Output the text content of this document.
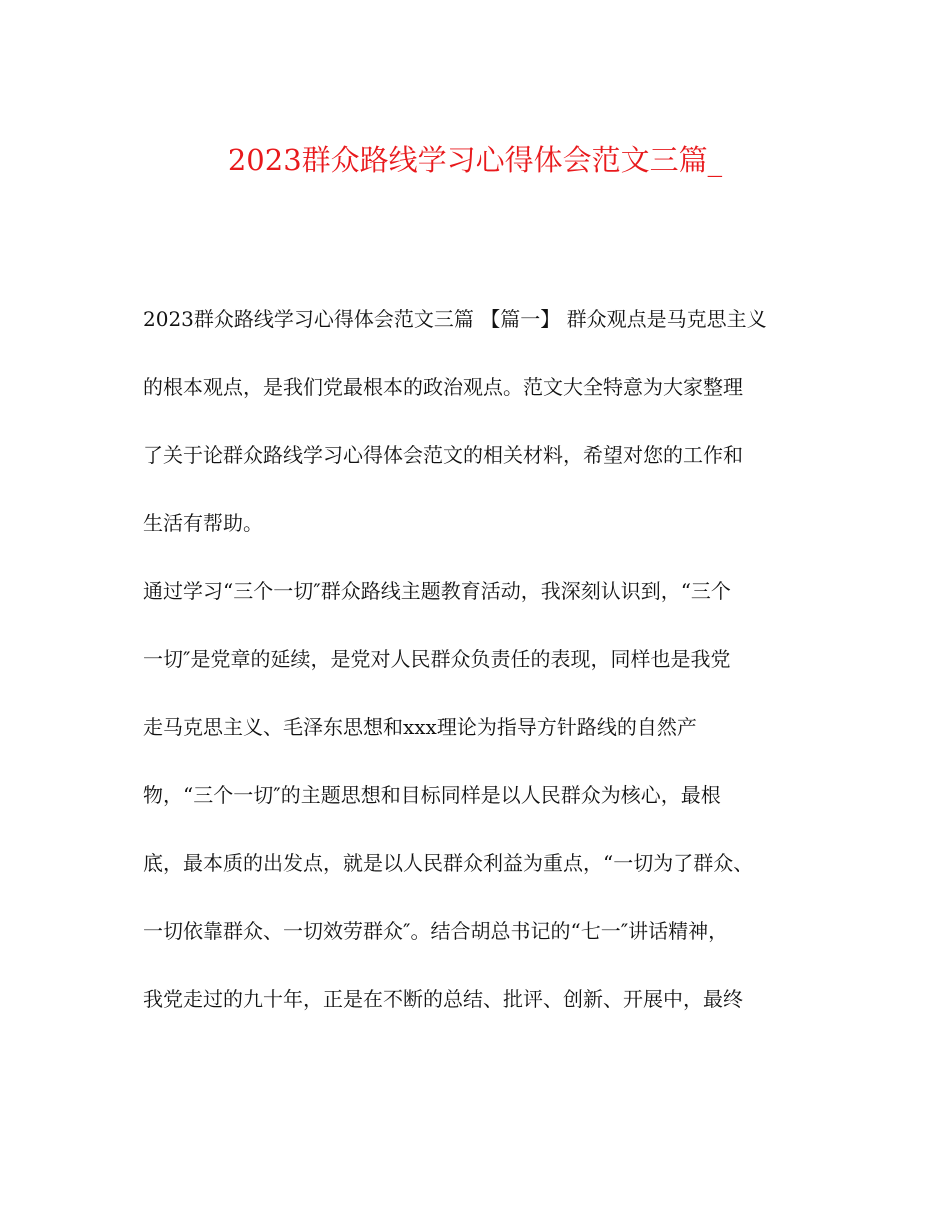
2023群众路线学习心得体会范文三篇_
2023群众路线学习心得体会范文三篇 【篇一】 群众观点是马克思主义
的根本观点，是我们党最根本的政治观点。范文大全特意为大家整理
了关于论群众路线学习心得体会范文的相关材料，希望对您的工作和
生活有帮助。
通过学习“三个一切″群众路线主题教育活动，我深刻认识到，“三个
一切″是党章的延续，是党对人民群众负责任的表现，同样也是我党
走马克思主义、毛泽东思想和xxx理论为指导方针路线的自然产
物，“三个一切″的主题思想和目标同样是以人民群众为核心，最根
底，最本质的出发点，就是以人民群众利益为重点，“一切为了群众、
一切依靠群众、一切效劳群众″。结合胡总书记的“七一″讲话精神，
我党走过的九十年，正是在不断的总结、批评、创新、开展中，最终
